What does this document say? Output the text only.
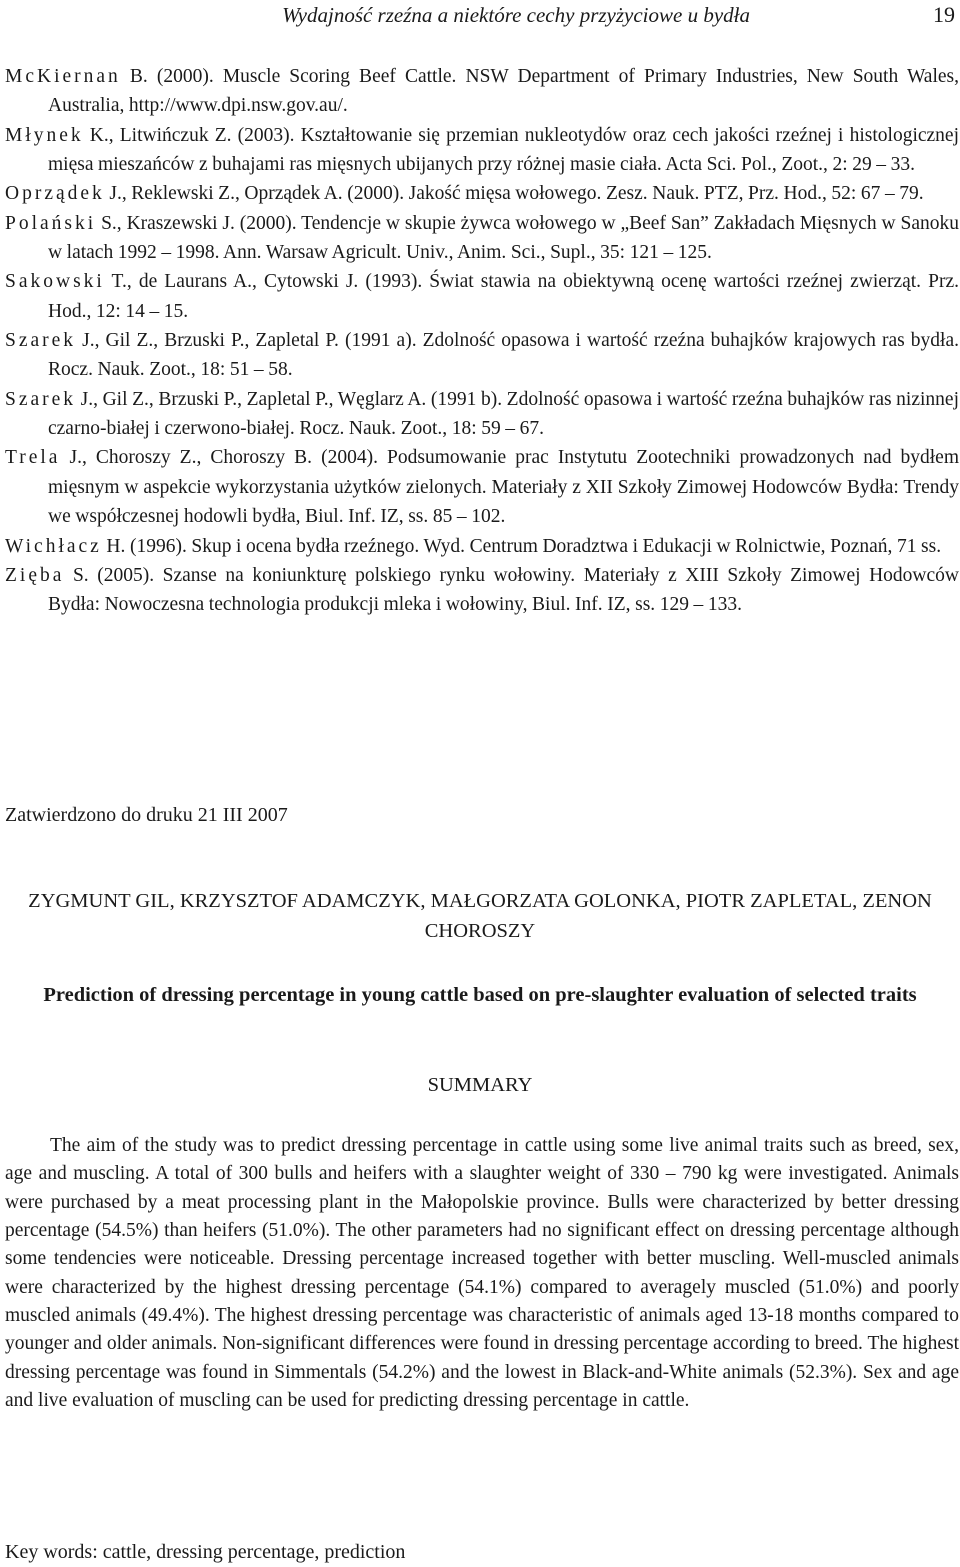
Wydajność rzeźna a niektóre cechy przyżyciowe u bydła	19
McKiernan B. (2000). Muscle Scoring Beef Cattle. NSW Department of Primary Industries, New South Wales, Australia, http://www.dpi.nsw.gov.au/.
Młynek K., Litwińczuk Z. (2003). Kształtowanie się przemian nukleotydów oraz cech jakości rzeźnej i histologicznej mięsa mieszańców z buhajami ras mięsnych ubijanych przy różnej masie ciała. Acta Sci. Pol., Zoot., 2: 29 – 33.
Oprządek J., Reklewski Z., Oprządek A. (2000). Jakość mięsa wołowego. Zesz. Nauk. PTZ, Prz. Hod., 52: 67 – 79.
Polański S., Kraszewski J. (2000). Tendencje w skupie żywca wołowego w „Beef San” Zakładach Mięsnych w Sanoku w latach 1992 – 1998. Ann. Warsaw Agricult. Univ., Anim. Sci., Supl., 35: 121 – 125.
Sakowski T., de Laurans A., Cytowski J. (1993). Świat stawia na obiektywną ocenę wartości rzeźnej zwierząt. Prz. Hod., 12: 14 – 15.
Szarek J., Gil Z., Brzuski P., Zapletal P. (1991 a). Zdolność opasowa i wartość rzeźna buhajków krajowych ras bydła. Rocz. Nauk. Zoot., 18: 51 – 58.
Szarek J., Gil Z., Brzuski P., Zapletal P., Węglarz A. (1991 b). Zdolność opasowa i wartość rzeźna buhajków ras nizinnej czarno-białej i czerwono-białej. Rocz. Nauk. Zoot., 18: 59 – 67.
Trela J., Choroszy Z., Choroszy B. (2004). Podsumowanie prac Instytutu Zootechniki prowadzonych nad bydłem mięsnym w aspekcie wykorzystania użytków zielonych. Materiały z XII Szkoły Zimowej Hodowców Bydła: Trendy we współczesnej hodowli bydła, Biul. Inf. IZ, ss. 85 – 102.
Wichłacz H. (1996). Skup i ocena bydła rzeźnego. Wyd. Centrum Doradztwa i Edukacji w Rolnictwie, Poznań, 71 ss.
Zięba S. (2005). Szanse na koniunkturę polskiego rynku wołowiny. Materiały z XIII Szkoły Zimowej Hodowców Bydła: Nowoczesna technologia produkcji mleka i wołowiny, Biul. Inf. IZ, ss. 129 – 133.
Zatwierdzono do druku 21 III 2007
ZYGMUNT GIL, KRZYSZTOF ADAMCZYK, MAŁGORZATA GOLONKA, PIOTR ZAPLETAL, ZENON CHOROSZY
Prediction of dressing percentage in young cattle based on pre-slaughter evaluation of selected traits
SUMMARY
The aim of the study was to predict dressing percentage in cattle using some live animal traits such as breed, sex, age and muscling. A total of 300 bulls and heifers with a slaughter weight of 330 – 790 kg were investigated. Animals were purchased by a meat processing plant in the Małopolskie province. Bulls were characterized by better dressing percentage (54.5%) than heifers (51.0%). The other parameters had no significant effect on dressing percentage although some tendencies were noticeable. Dressing percentage increased together with better muscling. Well-muscled animals were characterized by the highest dressing percentage (54.1%) compared to averagely muscled (51.0%) and poorly muscled animals (49.4%). The highest dressing percentage was characteristic of animals aged 13-18 months compared to younger and older animals. Non-significant differences were found in dressing percentage according to breed. The highest dressing percentage was found in Simmentals (54.2%) and the lowest in Black-and-White animals (52.3%). Sex and age and live evaluation of muscling can be used for predicting dressing percentage in cattle.
Key words: cattle, dressing percentage, prediction
